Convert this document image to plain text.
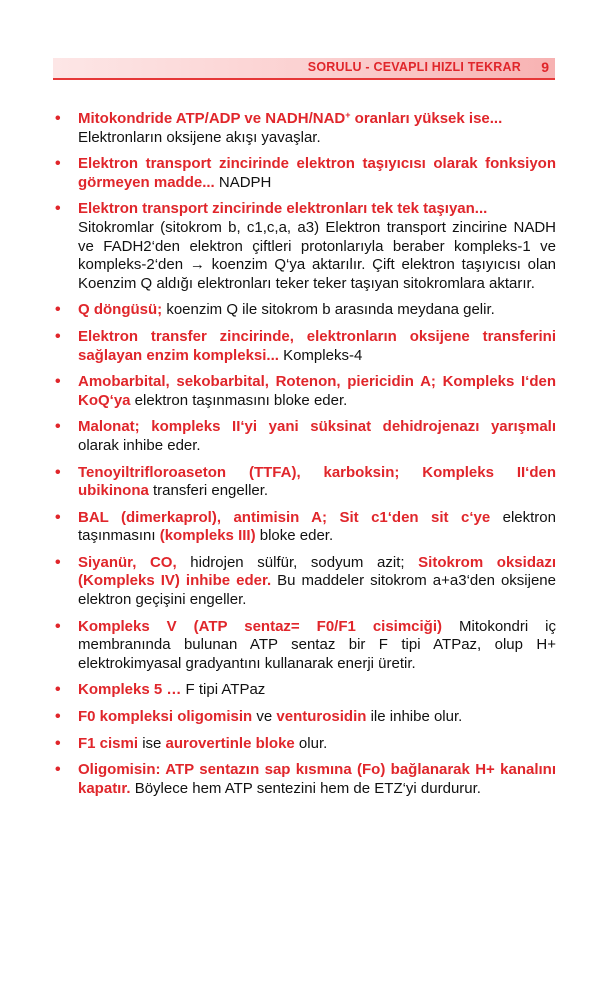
SORULU - CEVAPLI HIZLI TEKRAR 9
• Mitokondride ATP/ADP ve NADH/NAD+ oranları yüksek ise...
Elektronların oksijene akışı yavaşlar.
• Elektron transport zincirinde elektron taşıyıcısı olarak fonksiyon görmeyen madde... NADPH
• Elektron transport zincirinde elektronları tek tek taşıyan...
Sitokromlar (sitokrom b, c1,c,a, a3) Elektron transport zincirine NADH ve FADH2‘den elektron çiftleri protonlarıyla beraber kompleks-1 ve kompleks-2‘den → koenzim Q‘ya aktarılır. Çift elektron taşıyıcısı olan Koenzim Q aldığı elektronları teker teker taşıyan sitokromlara aktarır.
• Q döngüsü; koenzim Q ile sitokrom b arasında meydana gelir.
• Elektron transfer zincirinde, elektronların oksijene transferini sağlayan enzim kompleksi... Kompleks-4
• Amobarbital, sekobarbital, Rotenon, piericidin A; Kompleks I‘den KoQ‘ya elektron taşınmasını bloke eder.
• Malonat; kompleks II‘yi yani süksinat dehidrojenazı yarışmalı olarak inhibe eder.
• Tenoyiltrifloroaseton (TTFA), karboksin; Kompleks II‘den ubikinona transferi engeller.
• BAL (dimerkaprol), antimisin A; Sit c1‘den sit c‘ye elektron taşınmasını (kompleks III) bloke eder.
• Siyanür, CO, hidrojen sülfür, sodyum azit; Sitokrom oksidazı (Kompleks IV) inhibe eder. Bu maddeler sitokrom a+a3‘den oksijene elektron geçişini engeller.
• Kompleks V (ATP sentaz= F0/F1 cisimciği) Mitokondri iç membranında bulunan ATP sentaz bir F tipi ATPaz, olup H+ elektrokimyasal gradyantını kullanarak enerji üretir.
• Kompleks 5 … F tipi ATPaz
• F0 kompleksi oligomisin ve venturosidin ile inhibe olur.
• F1 cismi ise aurovertinle bloke olur.
• Oligomisin: ATP sentazın sap kısmına (Fo) bağlanarak H+ kanalını kapatır. Böylece hem ATP sentezini hem de ETZ‘yi durdurur.
